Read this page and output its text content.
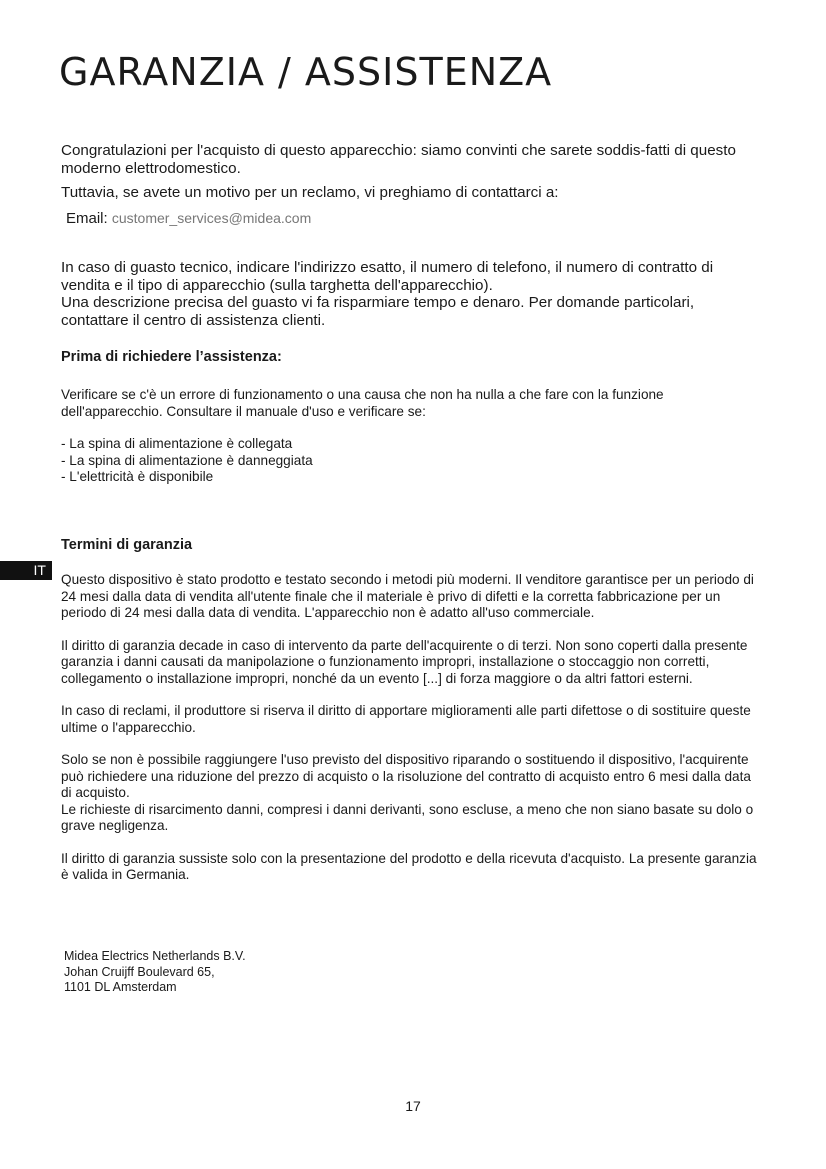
GARANZIA / ASSISTENZA

Congratulazioni per l'acquisto di questo apparecchio: siamo convinti che sarete soddis-fatti di questo moderno elettrodomestico.

Tuttavia, se avete un motivo per un reclamo, vi preghiamo di contattarci a:

Email: customer_services@midea.com

In caso di guasto tecnico, indicare l'indirizzo esatto, il numero di telefono, il numero di contratto di vendita e il tipo di apparecchio (sulla targhetta dell'apparecchio).

Una descrizione precisa del guasto vi fa risparmiare tempo e denaro. Per domande particolari, contattare il centro di assistenza clienti.

Prima di richiedere l’assistenza:

Verificare se c'è un errore di funzionamento o una causa che non ha nulla a che fare con la funzione dell'apparecchio. Consultare il manuale d'uso e verificare se:

- La spina di alimentazione è collegata
- La spina di alimentazione è danneggiata
- L'elettricità è disponibile
IT
Termini di garanzia

Questo dispositivo è stato prodotto e testato secondo i metodi più moderni. Il venditore garantisce per un periodo di 24 mesi dalla data di vendita all'utente finale che il materiale è privo di difetti e la corretta fabbricazione per un periodo di 24 mesi dalla data di vendita. L'apparecchio non è adatto all'uso commerciale.

Il diritto di garanzia decade in caso di intervento da parte dell'acquirente o di terzi. Non sono coperti dalla presente garanzia i danni causati da manipolazione o funzionamento impropri, installazione o stoccaggio non corretti, collegamento o installazione impropri, nonché da un evento [...] di forza maggiore o da altri fattori esterni.

In caso di reclami, il produttore si riserva il diritto di apportare miglioramenti alle parti difettose o di sostituire queste ultime o l'apparecchio.

Solo se non è possibile raggiungere l'uso previsto del dispositivo riparando o sostituendo il dispositivo, l'acquirente può richiedere una riduzione del prezzo di acquisto o la risoluzione del contratto di acquisto entro 6 mesi dalla data di acquisto.

Le richieste di risarcimento danni, compresi i danni derivanti, sono escluse, a meno che non siano basate su dolo o grave negligenza.

Il diritto di garanzia sussiste solo con la presentazione del prodotto e della ricevuta d'acquisto. La presente garanzia è valida in Germania.

Midea Electrics Netherlands B.V.
Johan Cruijff Boulevard 65,
1101 DL Amsterdam
17
